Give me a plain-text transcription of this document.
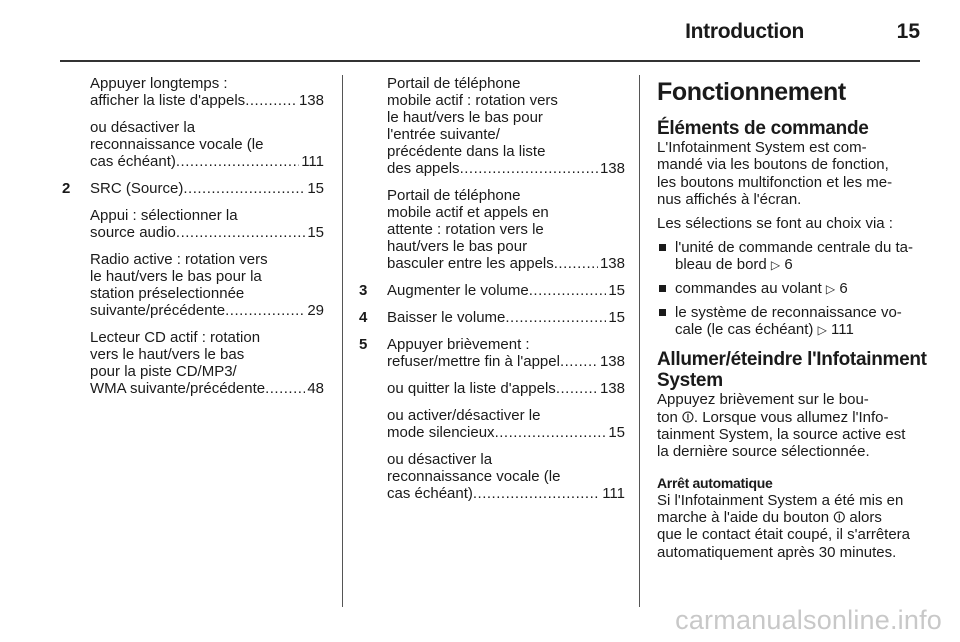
Introduction	15
Appuyer longtemps :
afficher la liste d'appels .....	138
ou désactiver la
reconnaissance vocale (le
cas échéant) .....	111
2 SRC (Source) .....	15
Appui : sélectionner la
source audio .....	15
Radio active : rotation vers
le haut/vers le bas pour la
station préselectionnée
suivante/précédente .....	29
Lecteur CD actif : rotation
vers le haut/vers le bas
pour la piste CD/MP3/
WMA suivante/précédente .....	48
Portail de téléphone
mobile actif : rotation vers
le haut/vers le bas pour
l'entrée suivante/
précédente dans la liste
des appels .....	138
Portail de téléphone
mobile actif et appels en
attente : rotation vers le
haut/vers le bas pour
basculer entre les appels .....	138
3 Augmenter le volume .....	15
4 Baisser le volume .....	15
5 Appuyer brièvement :
refuser/mettre fin à l'appel .....	138
ou quitter la liste d'appels .....	138
ou activer/désactiver le
mode silencieux .....	15
ou désactiver la
reconnaissance vocale (le
cas échéant) .....	111
Fonctionnement
Éléments de commande
L'Infotainment System est com-
mandé via les boutons de fonction,
les boutons multifonction et les me-
nus affichés à l'écran.
Les sélections se font au choix via :
l'unité de commande centrale du ta-
bleau de bord ▷ 6
commandes au volant ▷ 6
le système de reconnaissance vo-
cale (le cas échéant) ▷ 111
Allumer/éteindre l'Infotainment
System
Appuyez brièvement sur le bou-
ton ⏼. Lorsque vous allumez l'Info-
tainment System, la source active est
la dernière source sélectionnée.
Arrêt automatique
Si l'Infotainment System a été mis en
marche à l'aide du bouton ⏼ alors
que le contact était coupé, il s'arrêtera
automatiquement après 30 minutes.
carmanualsonline.info
